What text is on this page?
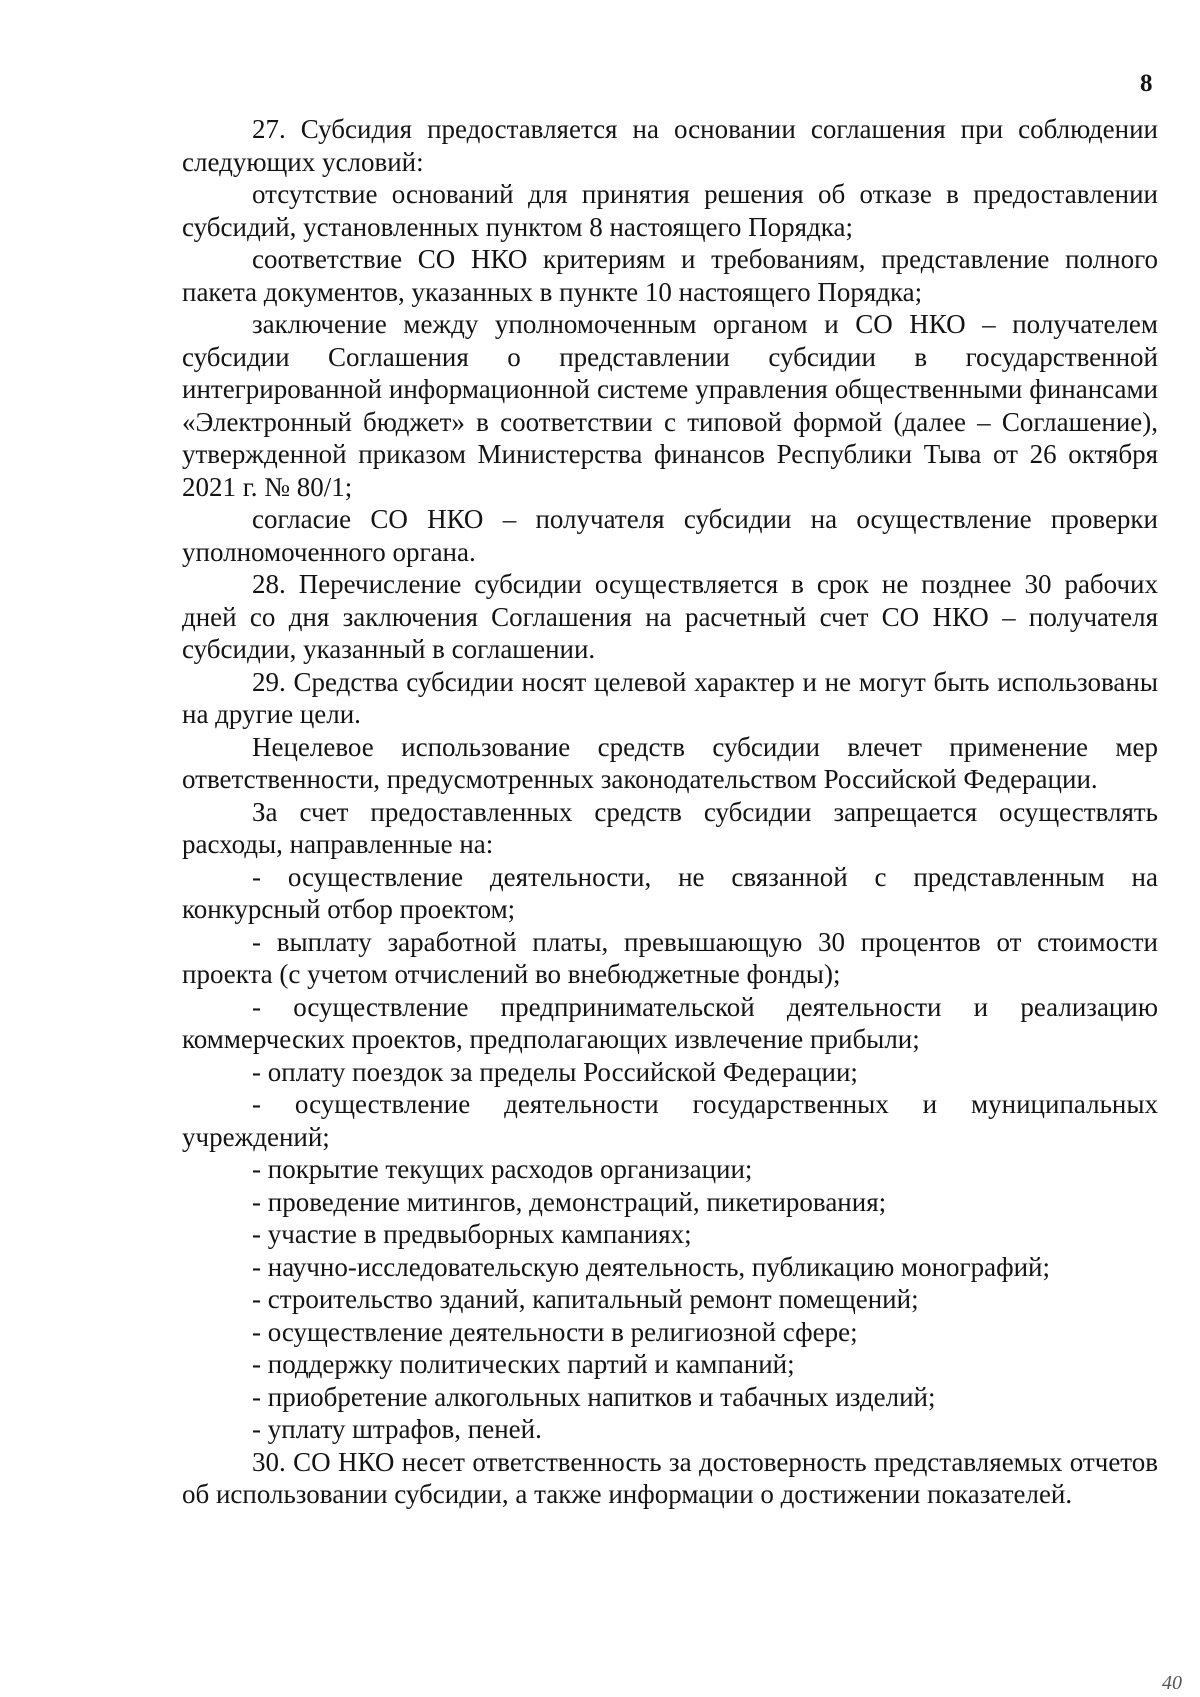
8

27. Субсидия предоставляется на основании соглашения при соблюдении следующих условий:

отсутствие оснований для принятия решения об отказе в предоставлении субсидий, установленных пунктом 8 настоящего Порядка;

соответствие СО НКО критериям и требованиям, представление полного пакета документов, указанных в пункте 10 настоящего Порядка;

заключение между уполномоченным органом и СО НКО – получателем субсидии Соглашения о представлении субсидии в государственной интегрированной информационной системе управления общественными финансами «Электронный бюджет» в соответствии с типовой формой (далее – Соглашение), утвержденной приказом Министерства финансов Республики Тыва от 26 октября 2021 г. № 80/1;

согласие СО НКО – получателя субсидии на осуществление проверки уполномоченного органа.

28. Перечисление субсидии осуществляется в срок не позднее 30 рабочих дней со дня заключения Соглашения на расчетный счет СО НКО – получателя субсидии, указанный в соглашении.

29. Средства субсидии носят целевой характер и не могут быть использованы на другие цели.

Нецелевое использование средств субсидии влечет применение мер ответственности, предусмотренных законодательством Российской Федерации.

За счет предоставленных средств субсидии запрещается осуществлять расходы, направленные на:

- осуществление деятельности, не связанной с представленным на конкурсный отбор проектом;

- выплату заработной платы, превышающую 30 процентов от стоимости проекта (с учетом отчислений во внебюджетные фонды);

- осуществление предпринимательской деятельности и реализацию коммерческих проектов, предполагающих извлечение прибыли;

- оплату поездок за пределы Российской Федерации;

- осуществление деятельности государственных и муниципальных учреждений;

- покрытие текущих расходов организации;

- проведение митингов, демонстраций, пикетирования;

- участие в предвыборных кампаниях;

- научно-исследовательскую деятельность, публикацию монографий;

- строительство зданий, капитальный ремонт помещений;

- осуществление деятельности в религиозной сфере;

- поддержку политических партий и кампаний;

- приобретение алкогольных напитков и табачных изделий;

- уплату штрафов, пеней.

30. СО НКО несет ответственность за достоверность представляемых отчетов об использовании субсидии, а также информации о достижении показателей.

40
